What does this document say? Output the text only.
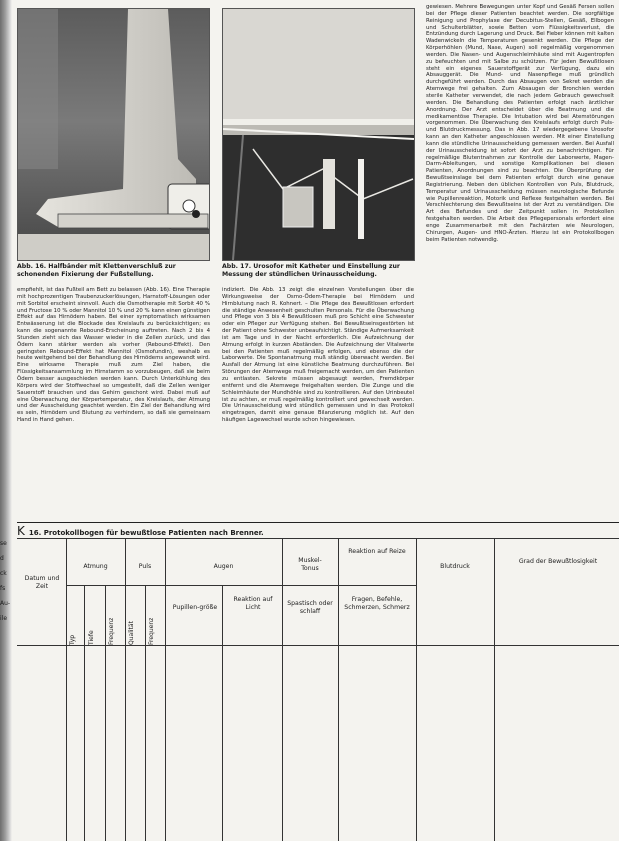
Abb. 16. Halfbänder mit Klettenverschluß zur schonenden Fixierung der Fußstellung.
Abb. 17. Urosofor mit Katheter und Einstellung zur Messung der stündlichen Urinausscheidung.
empfiehlt, ist das Fußteil am Bett zu belassen (Abb. 16). Eine Therapie mit hochprozentigen Traubenzuckerlösungen, Harnstoff-Lösungen oder mit Sorbitol erscheint sinnvoll. Auch die Osmotherapie mit Sorbit 40 % und Fructose 10 % oder Mannitol 10 % und 20 % kann einen günstigen Effekt auf das Hirnödem haben. Bei einer symptomatisch wirksamen Entwässerung ist die Blockade des Kreislaufs zu berücksichtigen; es kann die sogenannte Rebound-Erscheinung auftreten. Nach 2 bis 4 Stunden zieht sich das Wasser wieder in die Zellen zurück, und das Ödem kann stärker werden als vorher (Rebound-Effekt). Den geringsten Rebound-Effekt hat Mannitol (Osmofundin), weshalb es heute weitgehend bei der Behandlung des Hirnödems angewandt wird. Eine wirksame Therapie muß zum Ziel haben, die Flüssigkeitsansammlung im Hirnstamm so vorzubeugen, daß sie beim Ödem besser ausgeschieden werden kann. Durch Unterkühlung des Körpers wird der Stoffwechsel so umgestellt, daß die Zellen weniger Sauerstoff brauchen und das Gehirn geschont wird. Dabei muß auf eine Überwachung der Körpertemperatur, des Kreislaufs, der Atmung und der Ausscheidung geachtet werden. Ein Ziel der Behandlung wird es sein, Hirnödem und Blutung zu verhindern, so daß sie gemeinsam Hand in Hand gehen.
indiziert. Die Abb. 13 zeigt die einzelnen Vorstellungen über die Wirkungsweise der Osmo-Ödem-Therapie bei Hirnödem und Hirnblutung nach R. Kohnert. – Die Pflege des Bewußtlosen erfordert die ständige Anwesenheit geschulten Personals. Für die Überwachung und Pflege von 3 bis 4 Bewußtlosen muß pro Schicht eine Schwester oder ein Pfleger zur Verfügung stehen. Bei Bewußtseinsgestörten ist der Patient ohne Schwester unbeaufsichtigt. Ständige Aufmerksamkeit ist am Tage und in der Nacht erforderlich. Die Aufzeichnung der Atmung erfolgt in kurzen Abständen. Die Aufzeichnung der Vitalwerte bei den Patienten muß regelmäßig erfolgen, und ebenso die der Laborwerte. Die Spontanatmung muß ständig überwacht werden. Bei Ausfall der Atmung ist eine künstliche Beatmung durchzuführen. Bei Störungen der Atemwege muß freigemacht werden, um den Patienten zu entlasten. Sekrete müssen abgesaugt werden, Fremdkörper entfernt und die Atemwege freigehalten werden. Die Zunge und die Schleimhäute der Mundhöhle sind zu kontrollieren. Auf den Urinbeutel ist zu achten, er muß regelmäßig kontrolliert und gewechselt werden. Die Urinausscheidung wird stündlich gemessen und in das Protokoll eingetragen, damit eine genaue Bilanzierung möglich ist. Auf den häufigen Lagewechsel wurde schon hingewiesen.
gewiesen. Mehrere Bewegungen unter Kopf und Gesäß Fersen sollen bei der Pflege dieser Patienten beachtet werden. Die sorgfältige Reinigung und Prophylaxe der Decubitus-Stellen, Gesäß, Ellbogen und Schulterblätter, sowie Betten vom Flüssigkeitsverlust, die Entzündung durch Lagerung und Druck. Bei Fieber können mit kalten Wadenwickeln die Temperaturen gesenkt werden. Die Pflege der Körperhöhlen (Mund, Nase, Augen) soll regelmäßig vorgenommen werden. Die Nasen- und Augenschleimhäute sind mit Augentropfen zu befeuchten und mit Salbe zu schützen. Für jeden Bewußtlosen steht ein eigenes Sauerstoffgerät zur Verfügung, dazu ein Absauggerät. Die Mund- und Nasenpflege muß gründlich durchgeführt werden. Durch das Absaugen von Sekret werden die Atemwege frei gehalten. Zum Absaugen der Bronchien werden sterile Katheter verwendet, die nach jedem Gebrauch gewechselt werden. Die Behandlung des Patienten erfolgt nach ärztlicher Anordnung. Der Arzt entscheidet über die Beatmung und die medikamentöse Therapie. Die Intubation wird bei Atemstörungen vorgenommen. Die Überwachung des Kreislaufs erfolgt durch Puls- und Blutdruckmessung. Das in Abb. 17 wiedergegebene Urosofor kann an den Katheter angeschlossen werden. Mit einer Einstellung kann die stündliche Urinausscheidung gemessen werden. Bei Ausfall der Urinausscheidung ist sofort der Arzt zu benachrichtigen. Für regelmäßige Blutentnahmen zur Kontrolle der Laborwerte, Magen-Darm-Ableitungen, und sonstige Komplikationen bei diesen Patienten, Anordnungen sind zu beachten. Die Überprüfung der Bewußtseinslage bei dem Patienten erfolgt durch eine genaue Registrierung. Neben den üblichen Kontrollen von Puls, Blutdruck, Temperatur und Urinausscheidung müssen neurologische Befunde wie Pupillenreaktion, Motorik und Reflexe festgehalten werden. Bei Verschlechterung des Bewußtseins ist der Arzt zu verständigen. Die Art des Befundes und der Zeitpunkt sollen in Protokollen festgehalten werden. Die Arbeit des Pflegepersonals erfordert eine enge Zusammenarbeit mit den Fachärzten wie Neurologen, Chirurgen, Augen- und HNO-Ärzten. Hierzu ist ein Protokollbogen beim Patienten notwendig.
se
d
ck
fs
Au-
ile
K 16. Protokollbogen für bewußtlose Patienten nach Brenner.
Datum und Zeit
Atmung	Puls	Augen
Muskel-Tonus
Reaktion auf Reize
Blutdruck
Grad der Bewußtlosigkeit
Typ Tiefe Frequenz Qualität Frequenz
Pupillen-größe
Reaktion auf Licht
Spastisch oder schlaff
Fragen, Befehle, Schmerzen, Schmerz
